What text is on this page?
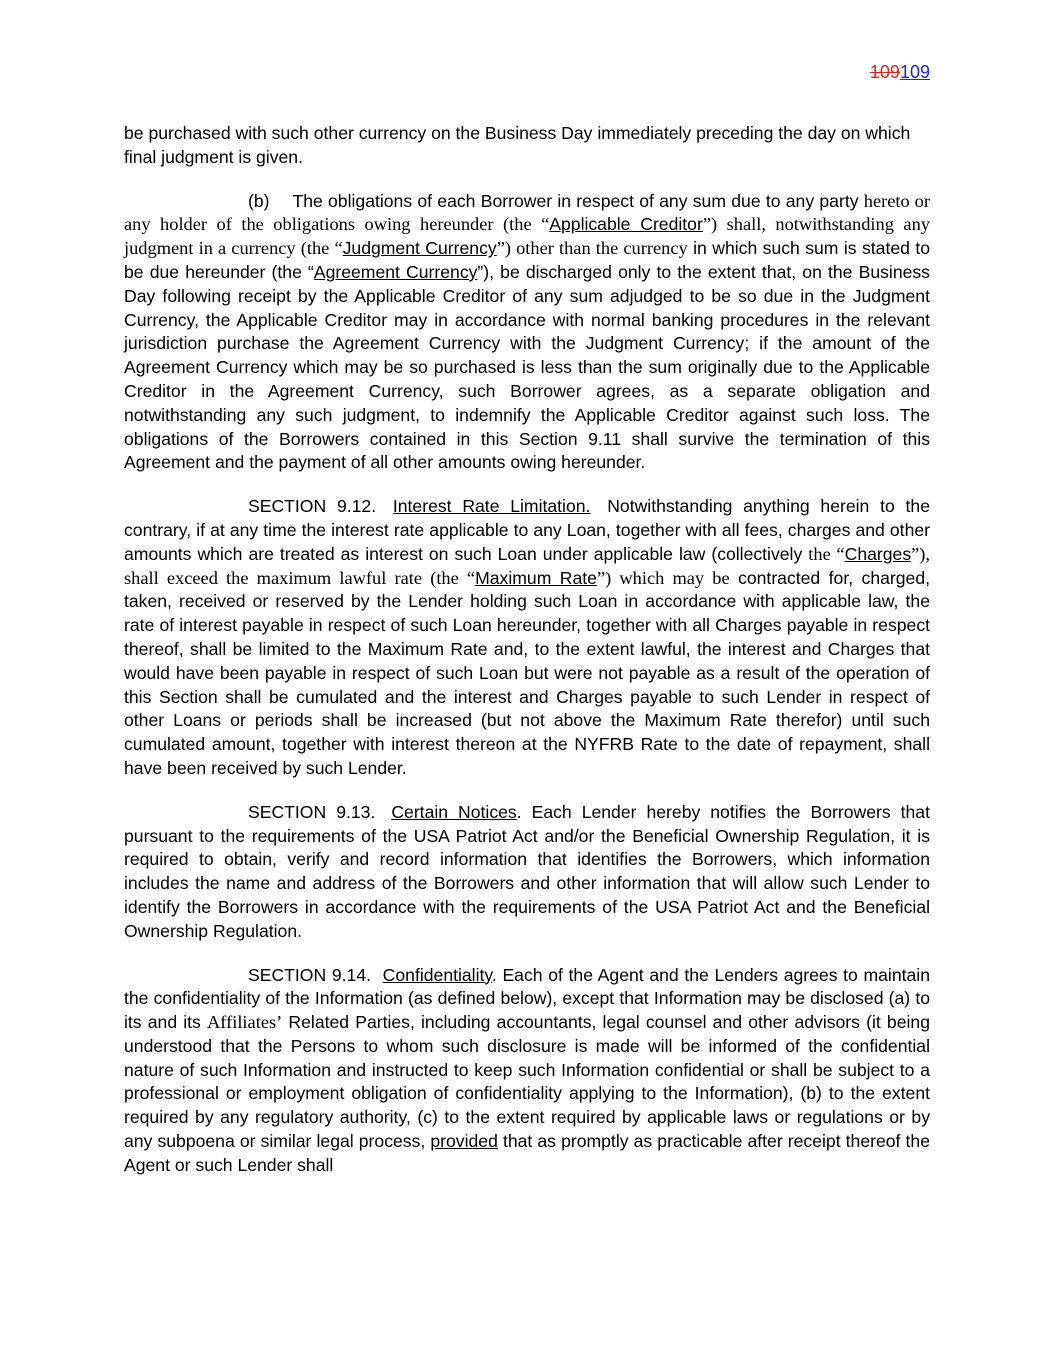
109109

be purchased with such other currency on the Business Day immediately preceding the day on which final judgment is given.

(b) The obligations of each Borrower in respect of any sum due to any party hereto or any holder of the obligations owing hereunder (the “Applicable Creditor”) shall, notwithstanding any judgment in a currency (the “Judgment Currency”) other than the currency in which such sum is stated to be due hereunder (the “Agreement Currency”), be discharged only to the extent that, on the Business Day following receipt by the Applicable Creditor of any sum adjudged to be so due in the Judgment Currency, the Applicable Creditor may in accordance with normal banking procedures in the relevant jurisdiction purchase the Agreement Currency with the Judgment Currency; if the amount of the Agreement Currency which may be so purchased is less than the sum originally due to the Applicable Creditor in the Agreement Currency, such Borrower agrees, as a separate obligation and notwithstanding any such judgment, to indemnify the Applicable Creditor against such loss. The obligations of the Borrowers contained in this Section 9.11 shall survive the termination of this Agreement and the payment of all other amounts owing hereunder.

SECTION 9.12. Interest Rate Limitation. Notwithstanding anything herein to the contrary, if at any time the interest rate applicable to any Loan, together with all fees, charges and other amounts which are treated as interest on such Loan under applicable law (collectively the “Charges”), shall exceed the maximum lawful rate (the “Maximum Rate”) which may be contracted for, charged, taken, received or reserved by the Lender holding such Loan in accordance with applicable law, the rate of interest payable in respect of such Loan hereunder, together with all Charges payable in respect thereof, shall be limited to the Maximum Rate and, to the extent lawful, the interest and Charges that would have been payable in respect of such Loan but were not payable as a result of the operation of this Section shall be cumulated and the interest and Charges payable to such Lender in respect of other Loans or periods shall be increased (but not above the Maximum Rate therefor) until such cumulated amount, together with interest thereon at the NYFRB Rate to the date of repayment, shall have been received by such Lender.

SECTION 9.13. Certain Notices. Each Lender hereby notifies the Borrowers that pursuant to the requirements of the USA Patriot Act and/or the Beneficial Ownership Regulation, it is required to obtain, verify and record information that identifies the Borrowers, which information includes the name and address of the Borrowers and other information that will allow such Lender to identify the Borrowers in accordance with the requirements of the USA Patriot Act and the Beneficial Ownership Regulation.

SECTION 9.14. Confidentiality. Each of the Agent and the Lenders agrees to maintain the confidentiality of the Information (as defined below), except that Information may be disclosed (a) to its and its Affiliates’ Related Parties, including accountants, legal counsel and other advisors (it being understood that the Persons to whom such disclosure is made will be informed of the confidential nature of such Information and instructed to keep such Information confidential or shall be subject to a professional or employment obligation of confidentiality applying to the Information), (b) to the extent required by any regulatory authority, (c) to the extent required by applicable laws or regulations or by any subpoena or similar legal process, provided that as promptly as practicable after receipt thereof the Agent or such Lender shall
